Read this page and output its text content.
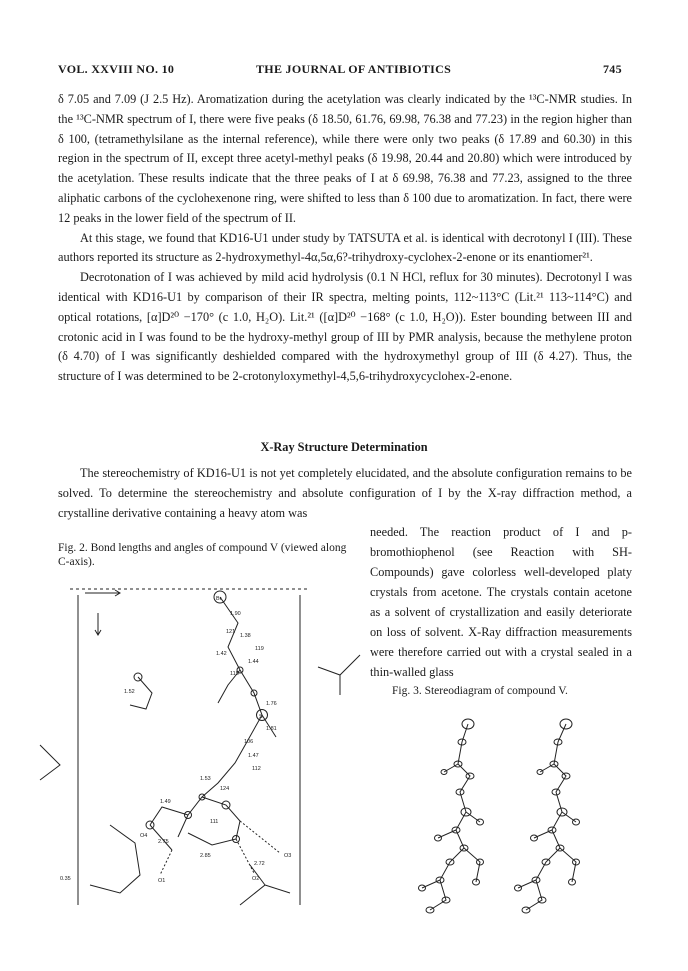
VOL. XXVIII NO. 10	THE JOURNAL OF ANTIBIOTICS	745

δ 7.05 and 7.09 (J 2.5 Hz). Aromatization during the acetylation was clearly indicated by the ¹³C-NMR studies. In the ¹³C-NMR spectrum of I, there were five peaks (δ 18.50, 61.76, 69.98, 76.38 and 77.23) in the region higher than δ 100, (tetramethylsilane as the internal reference), while there were only two peaks (δ 17.89 and 60.30) in this region in the spectrum of II, except three acetyl-methyl peaks (δ 19.98, 20.44 and 20.80) which were introduced by the acetylation. These results indicate that the three peaks of I at δ 69.98, 76.38 and 77.23, assigned to the three aliphatic carbons of the cyclohexenone ring, were shifted to less than δ 100 due to aromatization. In fact, there were 12 peaks in the lower field of the spectrum of II.

At this stage, we found that KD16-U1 under study by TATSUTA et al. is identical with decrotonyl I (III). These authors reported its structure as 2-hydroxymethyl-4α,5α,6?-trihydroxy-cyclohex-2-enone or its enantiomer²¹.

Decrotonation of I was achieved by mild acid hydrolysis (0.1 N HCl, reflux for 30 minutes). Decrotonyl I was identical with KD16-U1 by comparison of their IR spectra, melting points, 112~113°C (Lit.²¹ 113~114°C) and optical rotations, [α]D²⁰ −170° (c 1.0, H₂O). Lit.²¹ ([α]D²⁰ −168° (c 1.0, H₂O)). Ester bounding between III and crotonic acid in I was found to be the hydroxy-methyl group of III by PMR analysis, because the methylene proton (δ 4.70) of I was significantly deshielded compared with the hydroxymethyl group of III (δ 4.27). Thus, the structure of I was determined to be 2-crotonyloxymethyl-4,5,6-trihydroxycyclohex-2-enone.

X-Ray Structure Determination

The stereochemistry of KD16-U1 is not yet completely elucidated, and the absolute configuration remains to be solved. To determine the stereochemistry and absolute configuration of I by the X-ray diffraction method, a crystalline derivative containing a heavy atom was

needed. The reaction product of I and p-bromothiophenol (see Reaction with SH-Compounds) gave colorless well-developed platy crystals from acetone. The crystals contain acetone as a solvent of crystallization and easily deteriorate on loss of solvent. X-Ray diffraction measurements were therefore carried out with a crystal sealed in a thin-walled glass
Fig. 2. Bond lengths and angles of compound V (viewed along C-axis).
Br
S
O1	O2
O3
O4
0.35
1.90
1.38
1.42
1.44
1.76
1.81
1.47
1.53
1.52
1.49
2.75
2.72
2.85
121
119
115
106
112
124
111
Fig. 3. Stereodiagram of compound V.
